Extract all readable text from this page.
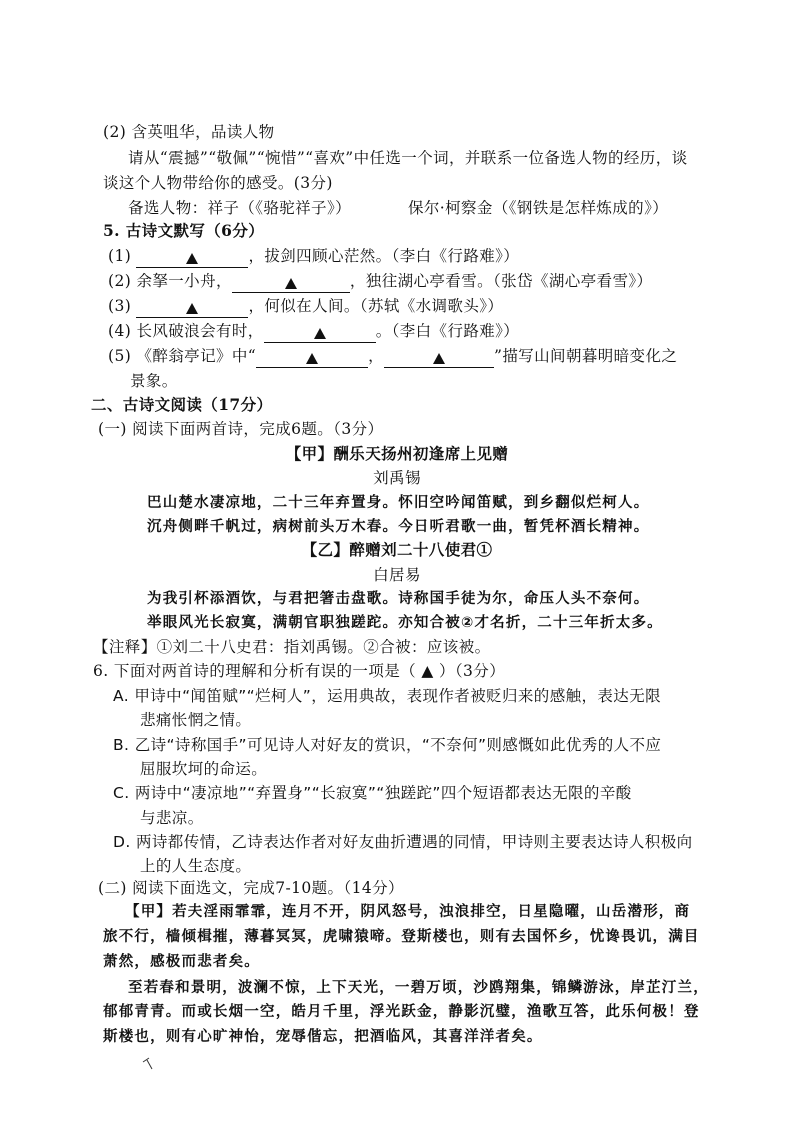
(2) 含英咀华，品读人物
请从“震撼”“敬佩”“惋惜”“喜欢”中任选一个词，并联系一位备选人物的经历，谈
谈这个人物带给你的感受。(3分)
备选人物：祥子（《骆驼祥子》）	保尔·柯察金（《钢铁是怎样炼成的》）
5. 古诗文默写（6分）
(1)	，拔剑四顾心茫然。（李白《行路难》）
(2) 余拏一小舟，	，独往湖心亭看雪。（张岱《湖心亭看雪》）
(3)	，何似在人间。（苏轼《水调歌头》）
(4) 长风破浪会有时，	。（李白《行路难》）
(5) 《醉翁亭记》中“	，	”描写山间朝暮明暗变化之
景象。
二、古诗文阅读（17分）
(一) 阅读下面两首诗，完成6题。（3分）
【甲】酬乐天扬州初逢席上见赠
刘禹锡
巴山楚水凄凉地，二十三年弃置身。怀旧空吟闻笛赋，到乡翻似烂柯人。
沉舟侧畔千帆过，病树前头万木春。今日听君歌一曲，暂凭杯酒长精神。
【乙】醉赠刘二十八使君①
白居易
为我引杯添酒饮，与君把箸击盘歌。诗称国手徒为尔，命压人头不奈何。
举眼风光长寂寞，满朝官职独蹉跎。亦知合被②才名折，二十三年折太多。
【注释】①刘二十八史君：指刘禹锡。②合被：应该被。
6. 下面对两首诗的理解和分析有误的一项是（ ▲ ）（3分）
A. 甲诗中“闻笛赋”“烂柯人”，运用典故，表现作者被贬归来的感触，表达无限
悲痛怅惘之情。
B. 乙诗“诗称国手”可见诗人对好友的赏识，“不奈何”则感慨如此优秀的人不应
屈服坎坷的命运。
C. 两诗中“凄凉地”“弃置身”“长寂寞”“独蹉跎”四个短语都表达无限的辛酸
与悲凉。
D. 两诗都传情，乙诗表达作者对好友曲折遭遇的同情，甲诗则主要表达诗人积极向
上的人生态度。
(二) 阅读下面选文，完成7-10题。（14分）
【甲】若夫淫雨霏霏，连月不开，阴风怒号，浊浪排空，日星隐曜，山岳潜形，商
旅不行，樯倾楫摧，薄暮冥冥，虎啸猿啼。登斯楼也，则有去国怀乡，忧谗畏讥，满目
萧然，感极而悲者矣。
至若春和景明，波澜不惊，上下天光，一碧万顷，沙鸥翔集，锦鳞游泳，岸芷汀兰，
郁郁青青。而或长烟一空，皓月千里，浮光跃金，静影沉璧，渔歌互答，此乐何极！登
斯楼也，则有心旷神怡，宠辱偕忘，把酒临风，其喜洋洋者矣。
